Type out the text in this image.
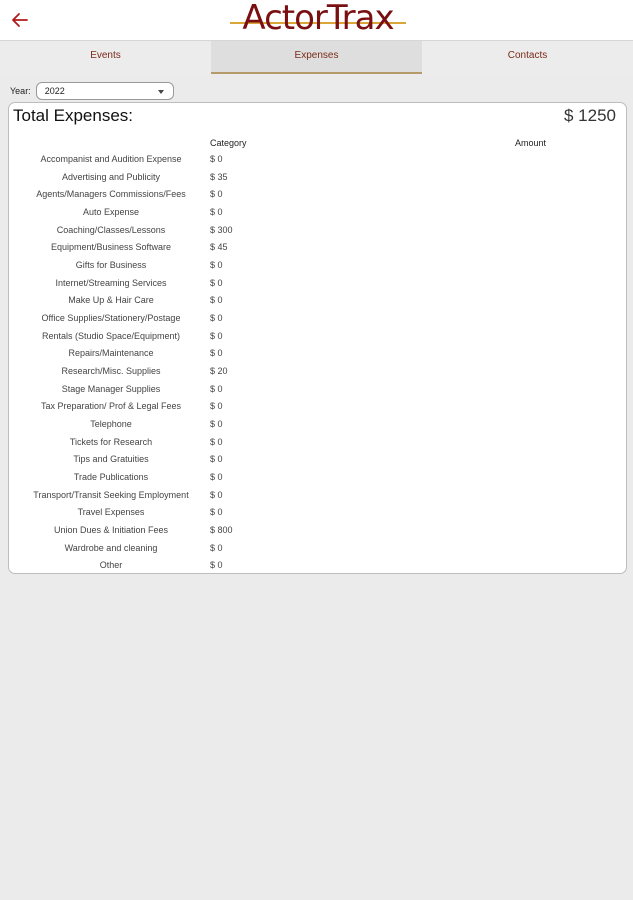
ActorTrax
Events	Expenses	Contacts
Year: 2022
Total Expenses:	$ 1250
Category	Amount
Accompanist and Audition Expense	$ 0
Advertising and Publicity	$ 35
Agents/Managers Commissions/Fees	$ 0
Auto Expense	$ 0
Coaching/Classes/Lessons	$ 300
Equipment/Business Software	$ 45
Gifts for Business	$ 0
Internet/Streaming Services	$ 0
Make Up & Hair Care	$ 0
Office Supplies/Stationery/Postage	$ 0
Rentals (Studio Space/Equipment)	$ 0
Repairs/Maintenance	$ 0
Research/Misc. Supplies	$ 20
Stage Manager Supplies	$ 0
Tax Preparation/ Prof & Legal Fees	$ 0
Telephone	$ 0
Tickets for Research	$ 0
Tips and Gratuities	$ 0
Trade Publications	$ 0
Transport/Transit Seeking Employment	$ 0
Travel Expenses	$ 0
Union Dues & Initiation Fees	$ 800
Wardrobe and cleaning	$ 0
Other	$ 0
